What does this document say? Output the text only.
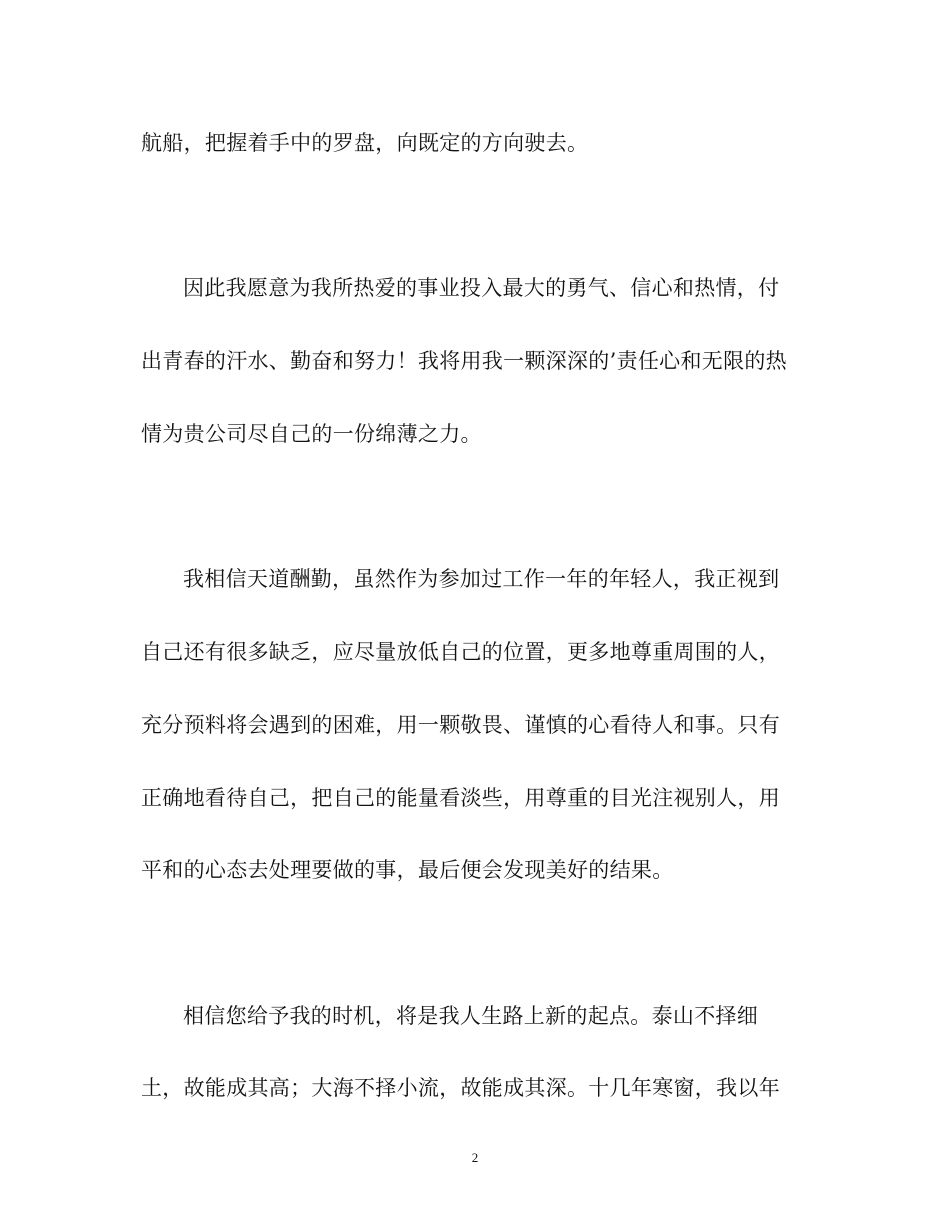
航船，把握着手中的罗盘，向既定的方向驶去。
因此我愿意为我所热爱的事业投入最大的勇气、信心和热情，付
出青春的汗水、勤奋和努力！我将用我一颗深深的’责任心和无限的热
情为贵公司尽自己的一份绵薄之力。
我相信天道酬勤，虽然作为参加过工作一年的年轻人，我正视到
自己还有很多缺乏，应尽量放低自己的位置，更多地尊重周围的人，
充分预料将会遇到的困难，用一颗敬畏、谨慎的心看待人和事。只有
正确地看待自己，把自己的能量看淡些，用尊重的目光注视别人，用
平和的心态去处理要做的事，最后便会发现美好的结果。
相信您给予我的时机，将是我人生路上新的起点。泰山不择细
土，故能成其高；大海不择小流，故能成其深。十几年寒窗，我以年
2
